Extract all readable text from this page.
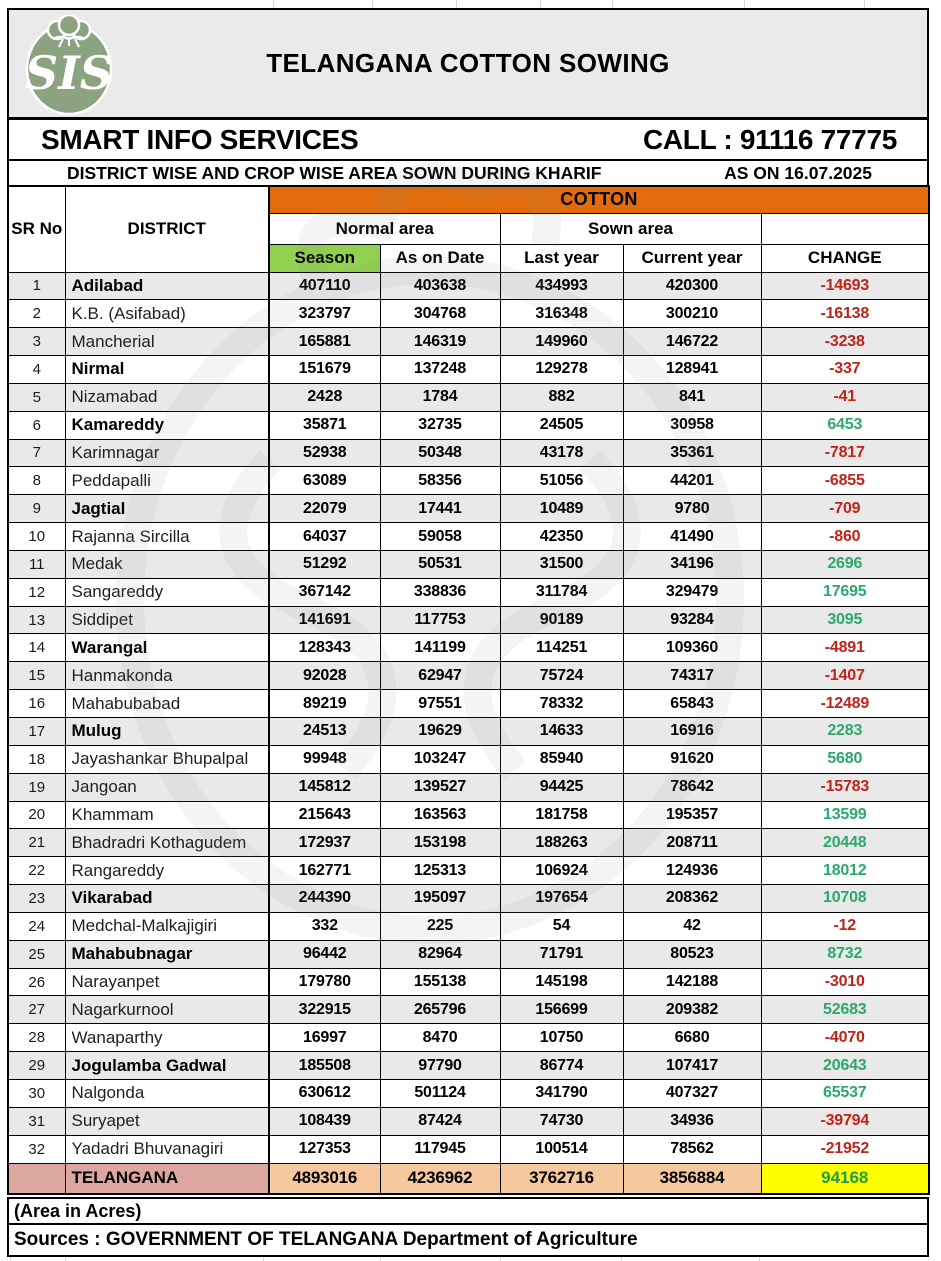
SIS	TELANGANA COTTON SOWING
SMART INFO SERVICES	CALL : 91116 77775
DISTRICT WISE AND CROP WISE AREA SOWN DURING KHARIF	AS ON 16.07.2025
SR No	DISTRICT	COTTON				
		Normal area		Sown area		
		Season	As on Date	Last year	Current year	CHANGE
1	Adilabad	407110	403638	434993	420300	-14693
2	K.B. (Asifabad)	323797	304768	316348	300210	-16138
3	Mancherial	165881	146319	149960	146722	-3238
4	Nirmal	151679	137248	129278	128941	-337
5	Nizamabad	2428	1784	882	841	-41
6	Kamareddy	35871	32735	24505	30958	6453
7	Karimnagar	52938	50348	43178	35361	-7817
8	Peddapalli	63089	58356	51056	44201	-6855
9	Jagtial	22079	17441	10489	9780	-709
10	Rajanna Sircilla	64037	59058	42350	41490	-860
11	Medak	51292	50531	31500	34196	2696
12	Sangareddy	367142	338836	311784	329479	17695
13	Siddipet	141691	117753	90189	93284	3095
14	Warangal	128343	141199	114251	109360	-4891
15	Hanmakonda	92028	62947	75724	74317	-1407
16	Mahabubabad	89219	97551	78332	65843	-12489
17	Mulug	24513	19629	14633	16916	2283
18	Jayashankar Bhupalpal	99948	103247	85940	91620	5680
19	Jangoan	145812	139527	94425	78642	-15783
20	Khammam	215643	163563	181758	195357	13599
21	Bhadradri Kothagudem	172937	153198	188263	208711	20448
22	Rangareddy	162771	125313	106924	124936	18012
23	Vikarabad	244390	195097	197654	208362	10708
24	Medchal-Malkajigiri	332	225	54	42	-12
25	Mahabubnagar	96442	82964	71791	80523	8732
26	Narayanpet	179780	155138	145198	142188	-3010
27	Nagarkurnool	322915	265796	156699	209382	52683
28	Wanaparthy	16997	8470	10750	6680	-4070
29	Jogulamba Gadwal	185508	97790	86774	107417	20643
30	Nalgonda	630612	501124	341790	407327	65537
31	Suryapet	108439	87424	74730	34936	-39794
32	Yadadri Bhuvanagiri	127353	117945	100514	78562	-21952
	TELANGANA	4893016	4236962	3762716	3856884	94168
(Area in Acres)
Sources : GOVERNMENT OF TELANGANA Department of Agriculture
